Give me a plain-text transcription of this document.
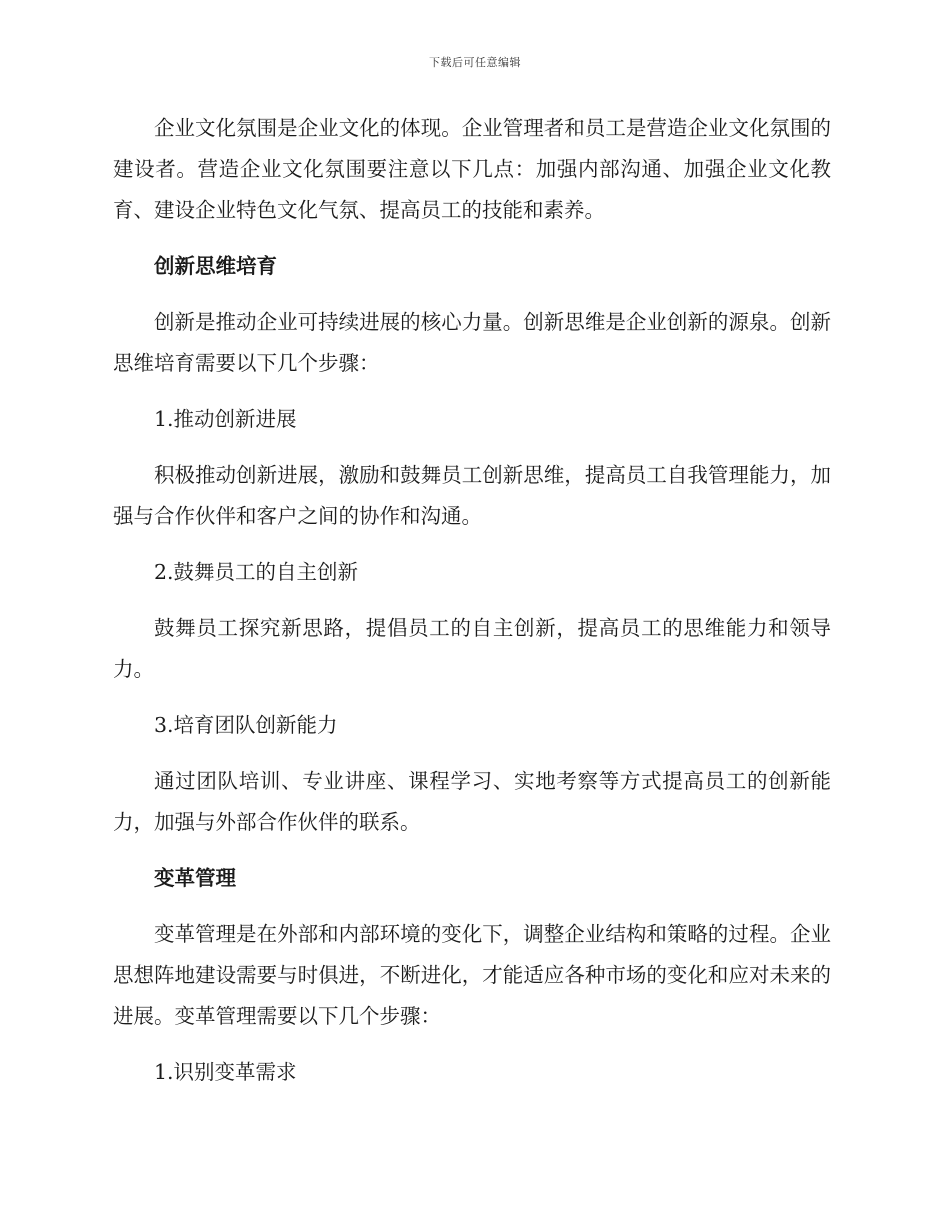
下载后可任意编辑

企业文化氛围是企业文化的体现。企业管理者和员工是营造企业文化氛围的建设者。营造企业文化氛围要注意以下几点：加强内部沟通、加强企业文化教育、建设企业特色文化气氛、提高员工的技能和素养。

创新思维培育

创新是推动企业可持续进展的核心力量。创新思维是企业创新的源泉。创新思维培育需要以下几个步骤：

1.推动创新进展

积极推动创新进展，激励和鼓舞员工创新思维，提高员工自我管理能力，加强与合作伙伴和客户之间的协作和沟通。

2.鼓舞员工的自主创新

鼓舞员工探究新思路，提倡员工的自主创新，提高员工的思维能力和领导力。

3.培育团队创新能力

通过团队培训、专业讲座、课程学习、实地考察等方式提高员工的创新能力，加强与外部合作伙伴的联系。

变革管理

变革管理是在外部和内部环境的变化下，调整企业结构和策略的过程。企业思想阵地建设需要与时俱进，不断进化，才能适应各种市场的变化和应对未来的进展。变革管理需要以下几个步骤：

1.识别变革需求
